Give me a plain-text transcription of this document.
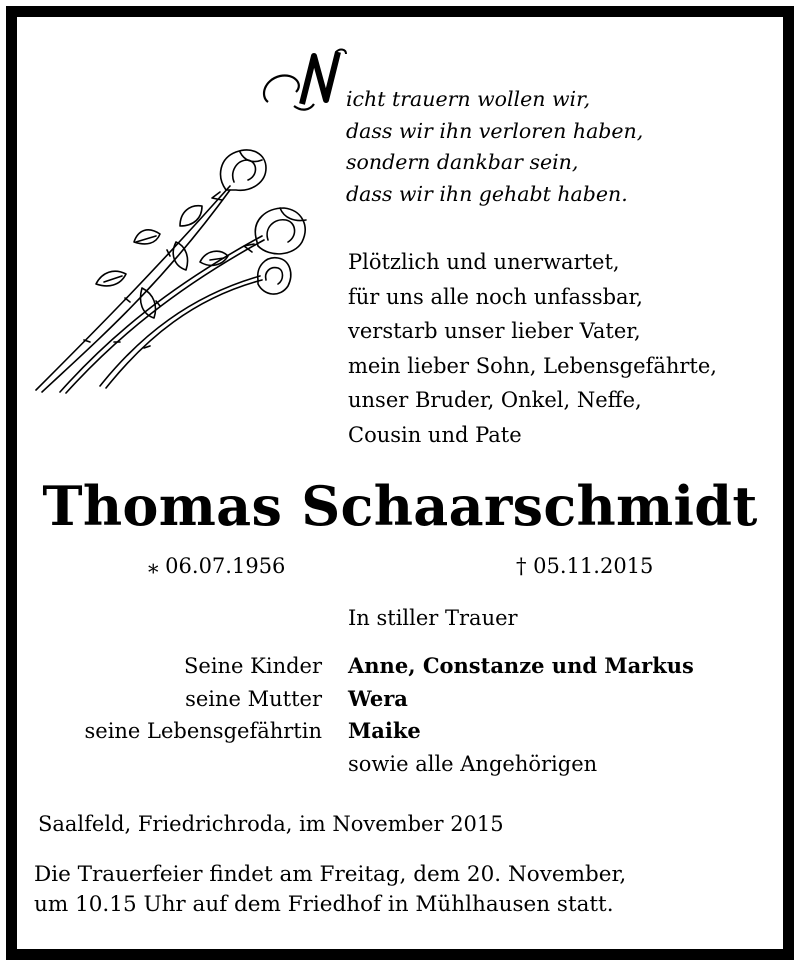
icht trauern wollen wir,
dass wir ihn verloren haben,
sondern dankbar sein,
dass wir ihn gehabt haben.
Plötzlich und unerwartet,
für uns alle noch unfassbar,
verstarb unser lieber Vater,
mein lieber Sohn, Lebensgefährte,
unser Bruder, Onkel, Neffe,
Cousin und Pate
Thomas Schaarschmidt
⁎ 06.07.1956	† 05.11.2015
In stiller Trauer
Seine Kinder
seine Mutter
seine Lebensgefährtin
Anne, Constanze und Markus
Wera
Maike
sowie alle Angehörigen
Saalfeld, Friedrichroda, im November 2015
Die Trauerfeier findet am Freitag, dem 20. November,
um 10.15 Uhr auf dem Friedhof in Mühlhausen statt.
